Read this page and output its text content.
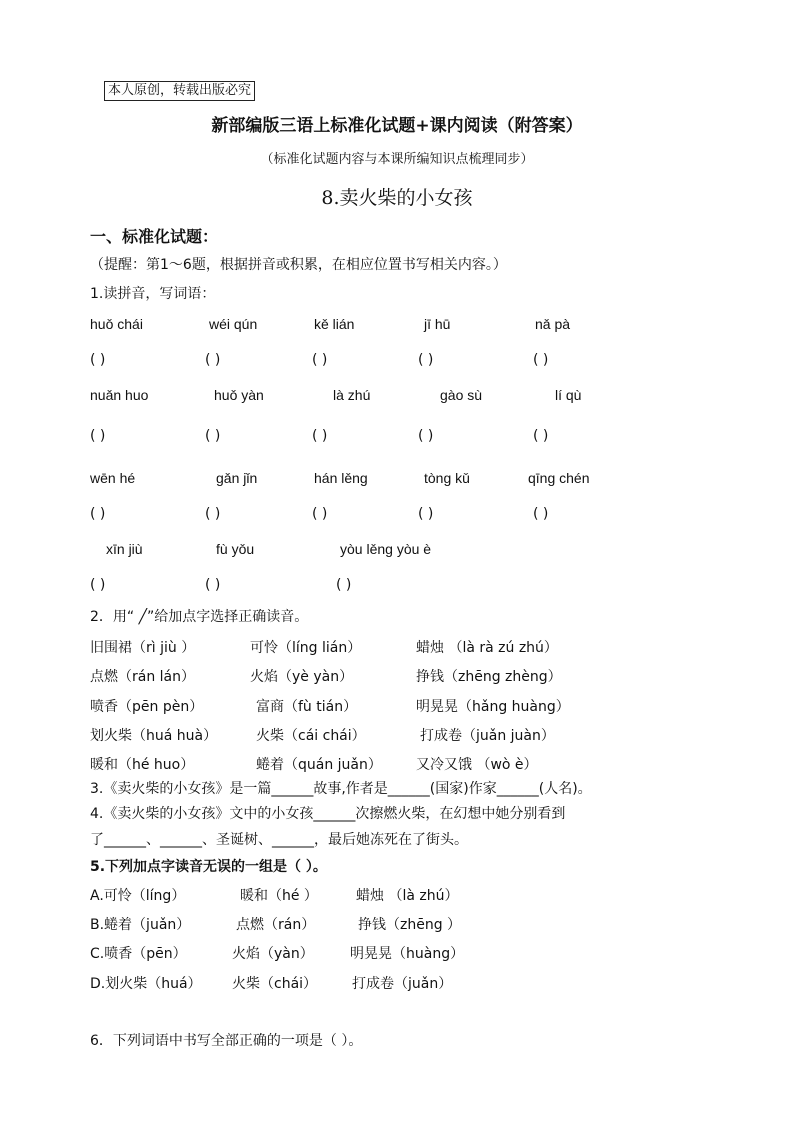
本人原创，转载出版必究
新部编版三语上标准化试题+课内阅读（附答案）
（标准化试题内容与本课所编知识点梳理同步）
8.卖火柴的小女孩
一、标准化试题：
（提醒：第1～6题，根据拼音或积累，在相应位置书写相关内容。）
1.读拼音，写词语：
huǒ chái	wéi qún	kě lián	jī hū	nǎ pà
( )	( )	( )	( )	( )
nuǎn huo	huǒ yàn	là zhú	gào sù	lí qù
( )	( )	( )	( )	( )
wēn hé	gǎn jǐn	hán lěng	tòng kǔ	qīng chén
( )	( )	( )	( )	( )
xīn jiù	fù yǒu	yòu lěng yòu è
( )	( )	( )
2．用“ ╱”给加点字选择正确读音。
旧围裙（rì jiù ）	可怜（líng lián）	蜡烛 （là rà zú zhú）
点燃（rán lán）	火焰（yè yàn）	挣钱（zhēng zhèng）
喷香（pēn pèn）	富商（fù tián）	明晃晃（hǎng huàng）
划火柴（huá huà）	火柴（cái chái）	打成卷（juǎn juàn）
暖和（hé huo）	蜷着（quán juǎn） 又冷又饿 （wò è）
3.《卖火柴的小女孩》是一篇______故事,作者是______(国家)作家______(人名)。
4.《卖火柴的小女孩》文中的小女孩______次擦燃火柴，在幻想中她分别看到
了______、______、圣诞树、______，最后她冻死在了街头。
5.下列加点字读音无误的一组是（ ）。
A.可怜（líng）	暖和（hé ）	蜡烛 （là zhú）
B.蜷着（juǎn）	点燃（rán）	挣钱（zhēng ）
C.喷香（pēn）	火焰（yàn）	明晃晃（huàng）
D.划火柴（huá） 火柴（chái） 打成卷（juǎn）
6．下列词语中书写全部正确的一项是（ ）。
